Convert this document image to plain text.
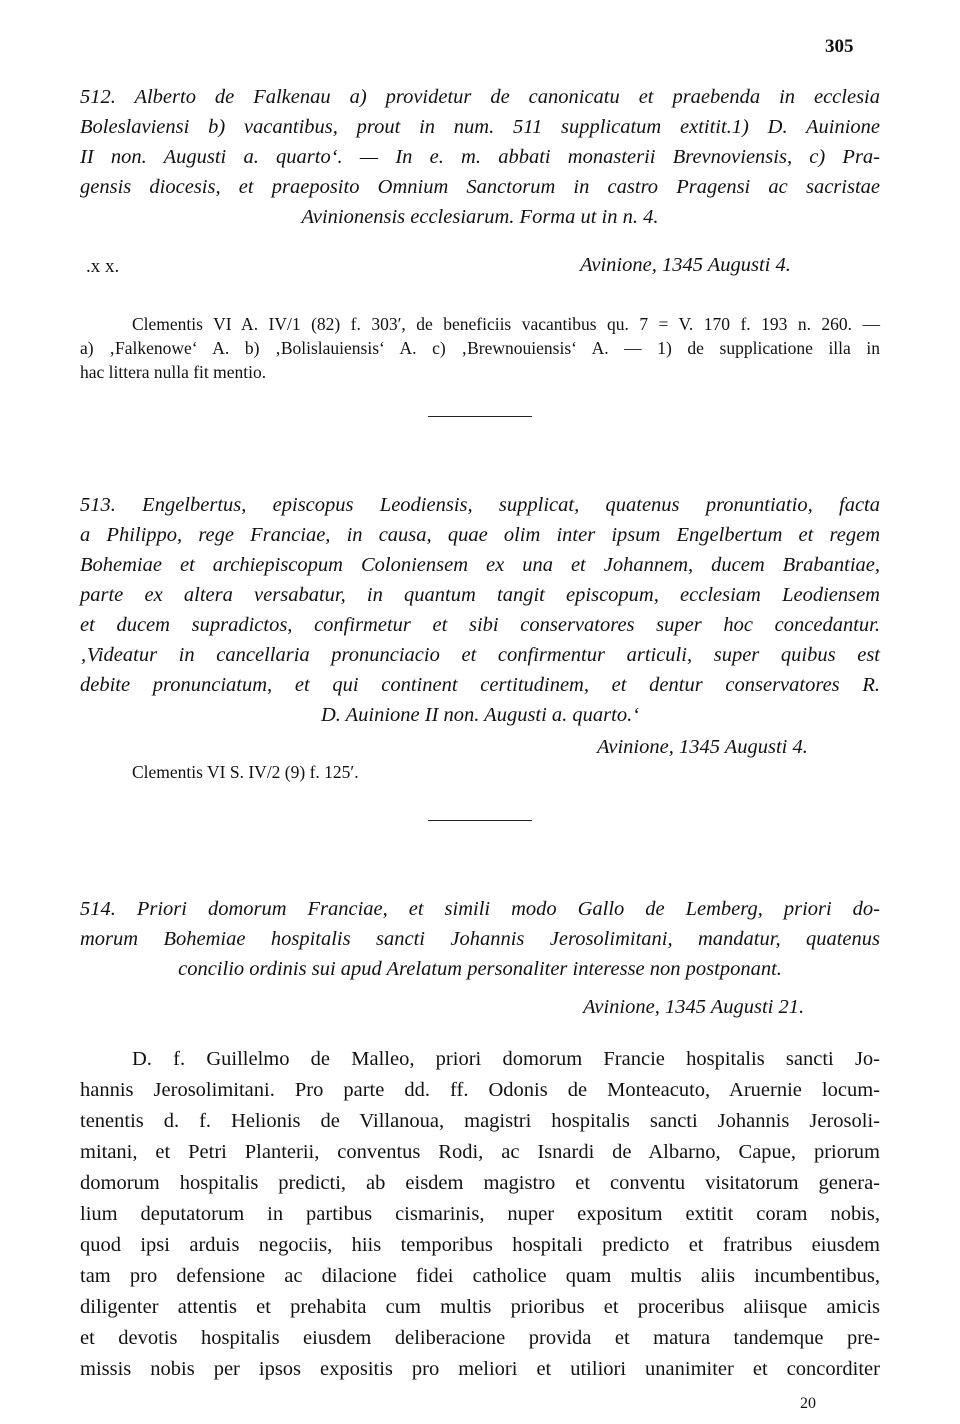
305
512. Alberto de Falkenau a) providetur de canonicatu et praebenda in ecclesia
Boleslaviensi b) vacantibus, prout in num. 511 supplicatum extitit.1) D. Auinione
II non. Augusti a. quarto‘. — In e. m. abbati monasterii Brevnoviensis, c) Pra-
gensis diocesis, et praeposito Omnium Sanctorum in castro Pragensi ac sacristae
Avinionensis ecclesiarum. Forma ut in n. 4.
.x x.	Avinione, 1345 Augusti 4.
Clementis VI A. IV/1 (82) f. 303′, de beneficiis vacantibus qu. 7 = V. 170 f. 193 n. 260. —
a) ‚Falkenowe‘ A. b) ‚Bolislauiensis‘ A. c) ‚Brewnouiensis‘ A. — 1) de supplicatione illa in
hac littera nulla fit mentio.
513. Engelbertus, episcopus Leodiensis, supplicat, quatenus pronuntiatio, facta
a Philippo, rege Franciae, in causa, quae olim inter ipsum Engelbertum et regem
Bohemiae et archiepiscopum Coloniensem ex una et Johannem, ducem Brabantiae,
parte ex altera versabatur, in quantum tangit episcopum, ecclesiam Leodiensem
et ducem supradictos, confirmetur et sibi conservatores super hoc concedantur.
‚Videatur in cancellaria pronunciacio et confirmentur articuli, super quibus est
debite pronunciatum, et qui continent certitudinem, et dentur conservatores R.
D. Auinione II non. Augusti a. quarto.‘
Avinione, 1345 Augusti 4.
Clementis VI S. IV/2 (9) f. 125′.
514. Priori domorum Franciae, et simili modo Gallo de Lemberg, priori do-
morum Bohemiae hospitalis sancti Johannis Jerosolimitani, mandatur, quatenus
concilio ordinis sui apud Arelatum personaliter interesse non postponant.
Avinione, 1345 Augusti 21.
D. f. Guillelmo de Malleo, priori domorum Francie hospitalis sancti Jo-
hannis Jerosolimitani. Pro parte dd. ff. Odonis de Monteacuto, Aruernie locum-
tenentis d. f. Helionis de Villanoua, magistri hospitalis sancti Johannis Jerosoli-
mitani, et Petri Planterii, conventus Rodi, ac Isnardi de Albarno, Capue, priorum
domorum hospitalis predicti, ab eisdem magistro et conventu visitatorum genera-
lium deputatorum in partibus cismarinis, nuper expositum extitit coram nobis,
quod ipsi arduis negociis, hiis temporibus hospitali predicto et fratribus eiusdem
tam pro defensione ac dilacione fidei catholice quam multis aliis incumbentibus,
diligenter attentis et prehabita cum multis prioribus et proceribus aliisque amicis
et devotis hospitalis eiusdem deliberacione provida et matura tandemque pre-
missis nobis per ipsos expositis pro meliori et utiliori unanimiter et concorditer
20
